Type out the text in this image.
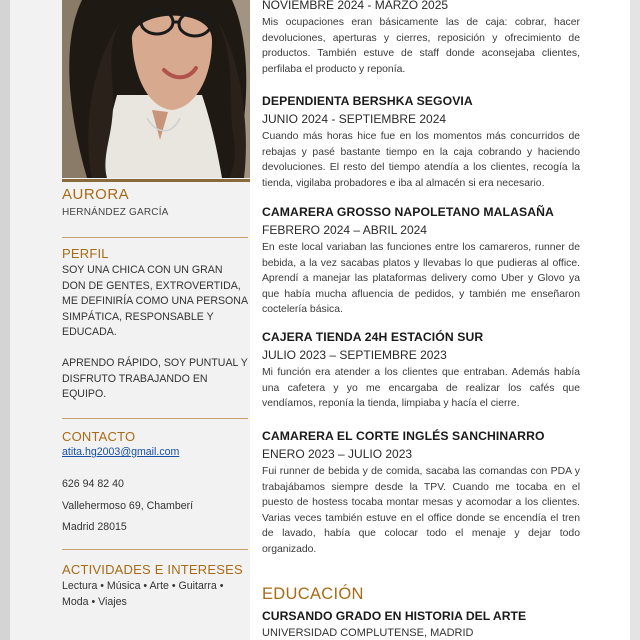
AURORA
HERNÁNDEZ GARCÍA
PERFIL
SOY UNA CHICA CON UN GRAN DON DE GENTES, EXTROVERTIDA, ME DEFINIRÍA COMO UNA PERSONA SIMPÁTICA, RESPONSABLE Y EDUCADA.
APRENDO RÁPIDO, SOY PUNTUAL Y DISFRUTO TRABAJANDO EN EQUIPO.
CONTACTO
atita.hg2003@gmail.com
626 94 82 40
Vallehermoso 69, Chamberí
Madrid 28015
ACTIVIDADES E INTERESES
Lectura • Música • Arte • Guitarra •
Moda • Viajes
NOVIEMBRE 2024 - MARZO 2025
Mis ocupaciones eran básicamente las de caja: cobrar, hacer devoluciones, aperturas y cierres, reposición y ofrecimiento de productos. También estuve de staff donde aconsejaba clientes, perfilaba el producto y reponía.
DEPENDIENTA BERSHKA SEGOVIA
JUNIO 2024 - SEPTIEMBRE 2024
Cuando más horas hice fue en los momentos más concurridos de rebajas y pasé bastante tiempo en la caja cobrando y haciendo devoluciones. El resto del tiempo atendía a los clientes, recogía la tienda, vigilaba probadores e iba al almacén si era necesario.
CAMARERA GROSSO NAPOLETANO MALASAÑA
FEBRERO 2024 – ABRIL 2024
En este local variaban las funciones entre los camareros, runner de bebida, a la vez sacabas platos y llevabas lo que pudieras al office. Aprendí a manejar las plataformas delivery como Uber y Glovo ya que había mucha afluencia de pedidos, y también me enseñaron coctelería básica.
CAJERA TIENDA 24H ESTACIÓN SUR
JULIO 2023 – SEPTIEMBRE 2023
Mi función era atender a los clientes que entraban. Además había una cafetera y yo me encargaba de realizar los cafés que vendíamos, reponía la tienda, limpiaba y hacía el cierre.
CAMARERA EL CORTE INGLÉS SANCHINARRO
ENERO 2023 – JULIO 2023
Fui runner de bebida y de comida, sacaba las comandas con PDA y trabajábamos siempre desde la TPV. Cuando me tocaba en el puesto de hostess tocaba montar mesas y acomodar a los clientes. Varias veces también estuve en el office donde se encendía el tren de lavado, había que colocar todo el menaje y dejar todo organizado.
EDUCACIÓN
CURSANDO GRADO EN HISTORIA DEL ARTE
UNIVERSIDAD COMPLUTENSE, MADRID
